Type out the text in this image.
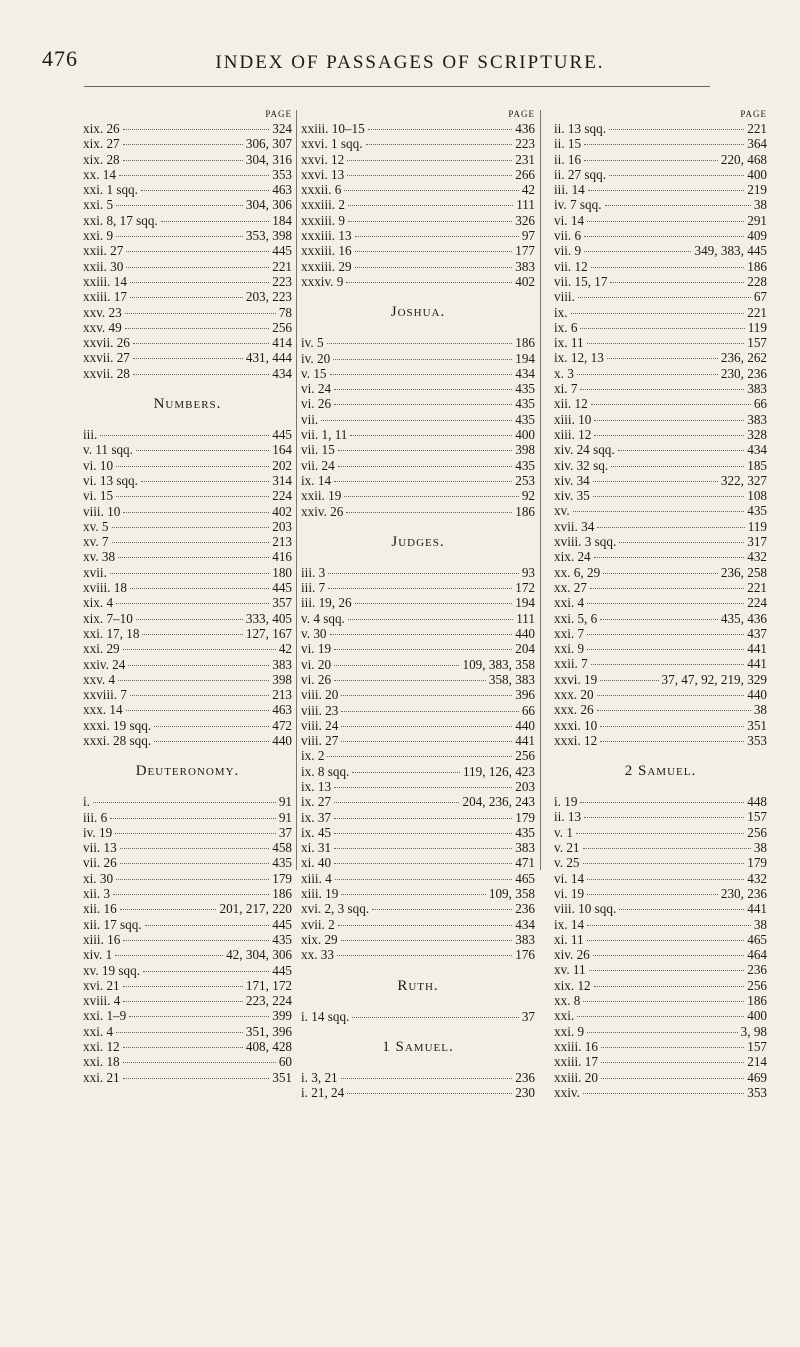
476	INDEX OF PASSAGES OF SCRIPTURE.
PAGE
xix. 26	324
xix. 27	306, 307
xix. 28	304, 316
xx. 14	353
xxi. 1 sqq.	463
xxi. 5	304, 306
xxi. 8, 17 sqq.	184
xxi. 9	353, 398
xxii. 27	445
xxii. 30	221
xxiii. 14	223
xxiii. 17	203, 223
xxv. 23	78
xxv. 49	256
xxvii. 26	414
xxvii. 27	431, 444
xxvii. 28	434
Numbers.
iii.	445
v. 11 sqq.	164
vi. 10	202
vi. 13 sqq.	314
vi. 15	224
viii. 10	402
xv. 5	203
xv. 7	213
xv. 38	416
xvii.	180
xviii. 18	445
xix. 4	357
xix. 7–10	333, 405
xxi. 17, 18	127, 167
xxi. 29	42
xxiv. 24	383
xxv. 4	398
xxviii. 7	213
xxx. 14	463
xxxi. 19 sqq.	472
xxxi. 28 sqq.	440
Deuteronomy.
i.	91
iii. 6	91
iv. 19	37
vii. 13	458
vii. 26	435
xi. 30	179
xii. 3	186
xii. 16	201, 217, 220
xii. 17 sqq.	445
xiii. 16	435
xiv. 1	42, 304, 306
xv. 19 sqq.	445
xvi. 21	171, 172
xviii. 4	223, 224
xxi. 1–9	399
xxi. 4	351, 396
xxi. 12	408, 428
xxi. 18	60
xxi. 21	351
PAGE
xxiii. 10–15	436
xxvi. 1 sqq.	223
xxvi. 12	231
xxvi. 13	266
xxxii. 6	42
xxxiii. 2	111
xxxiii. 9	326
xxxiii. 13	97
xxxiii. 16	177
xxxiii. 29	383
xxxiv. 9	402
Joshua.
iv. 5	186
iv. 20	194
v. 15	434
vi. 24	435
vi. 26	435
vii.	435
vii. 1, 11	400
vii. 15	398
vii. 24	435
ix. 14	253
xxii. 19	92
xxiv. 26	186
Judges.
iii. 3	93
iii. 7	172
iii. 19, 26	194
v. 4 sqq.	111
v. 30	440
vi. 19	204
vi. 20	109, 383, 358
vi. 26	358, 383
viii. 20	396
viii. 23	66
viii. 24	440
viii. 27	441
ix. 2	256
ix. 8 sqq.	119, 126, 423
ix. 13	203
ix. 27	204, 236, 243
ix. 37	179
ix. 45	435
xi. 31	383
xi. 40	471
xiii. 4	465
xiii. 19	109, 358
xvi. 2, 3 sqq.	236
xvii. 2	434
xix. 29	383
xx. 33	176
Ruth.
i. 14 sqq.	37
1 Samuel.
i. 3, 21	236
i. 21, 24	230
PAGE
ii. 13 sqq.	221
ii. 15	364
ii. 16	220, 468
ii. 27 sqq.	400
iii. 14	219
iv. 7 sqq.	38
vi. 14	291
vii. 6	409
vii. 9	349, 383, 445
vii. 12	186
vii. 15, 17	228
viii.	67
ix.	221
ix. 6	119
ix. 11	157
ix. 12, 13	236, 262
x. 3	230, 236
xi. 7	383
xii. 12	66
xiii. 10	383
xiii. 12	328
xiv. 24 sqq.	434
xiv. 32 sq.	185
xiv. 34	322, 327
xiv. 35	108
xv.	435
xvii. 34	119
xviii. 3 sqq.	317
xix. 24	432
xx. 6, 29	236, 258
xx. 27	221
xxi. 4	224
xxi. 5, 6	435, 436
xxi. 7	437
xxi. 9	441
xxii. 7	441
xxvi. 19	37, 47, 92, 219, 329
xxx. 20	440
xxx. 26	38
xxxi. 10	351
xxxi. 12	353
2 Samuel.
i. 19	448
ii. 13	157
v. 1	256
v. 21	38
v. 25	179
vi. 14	432
vi. 19	230, 236
viii. 10 sqq.	441
ix. 14	38
xi. 11	465
xiv. 26	464
xv. 11	236
xix. 12	256
xx. 8	186
xxi.	400
xxi. 9	3, 98
xxiii. 16	157
xxiii. 17	214
xxiii. 20	469
xxiv.	353
